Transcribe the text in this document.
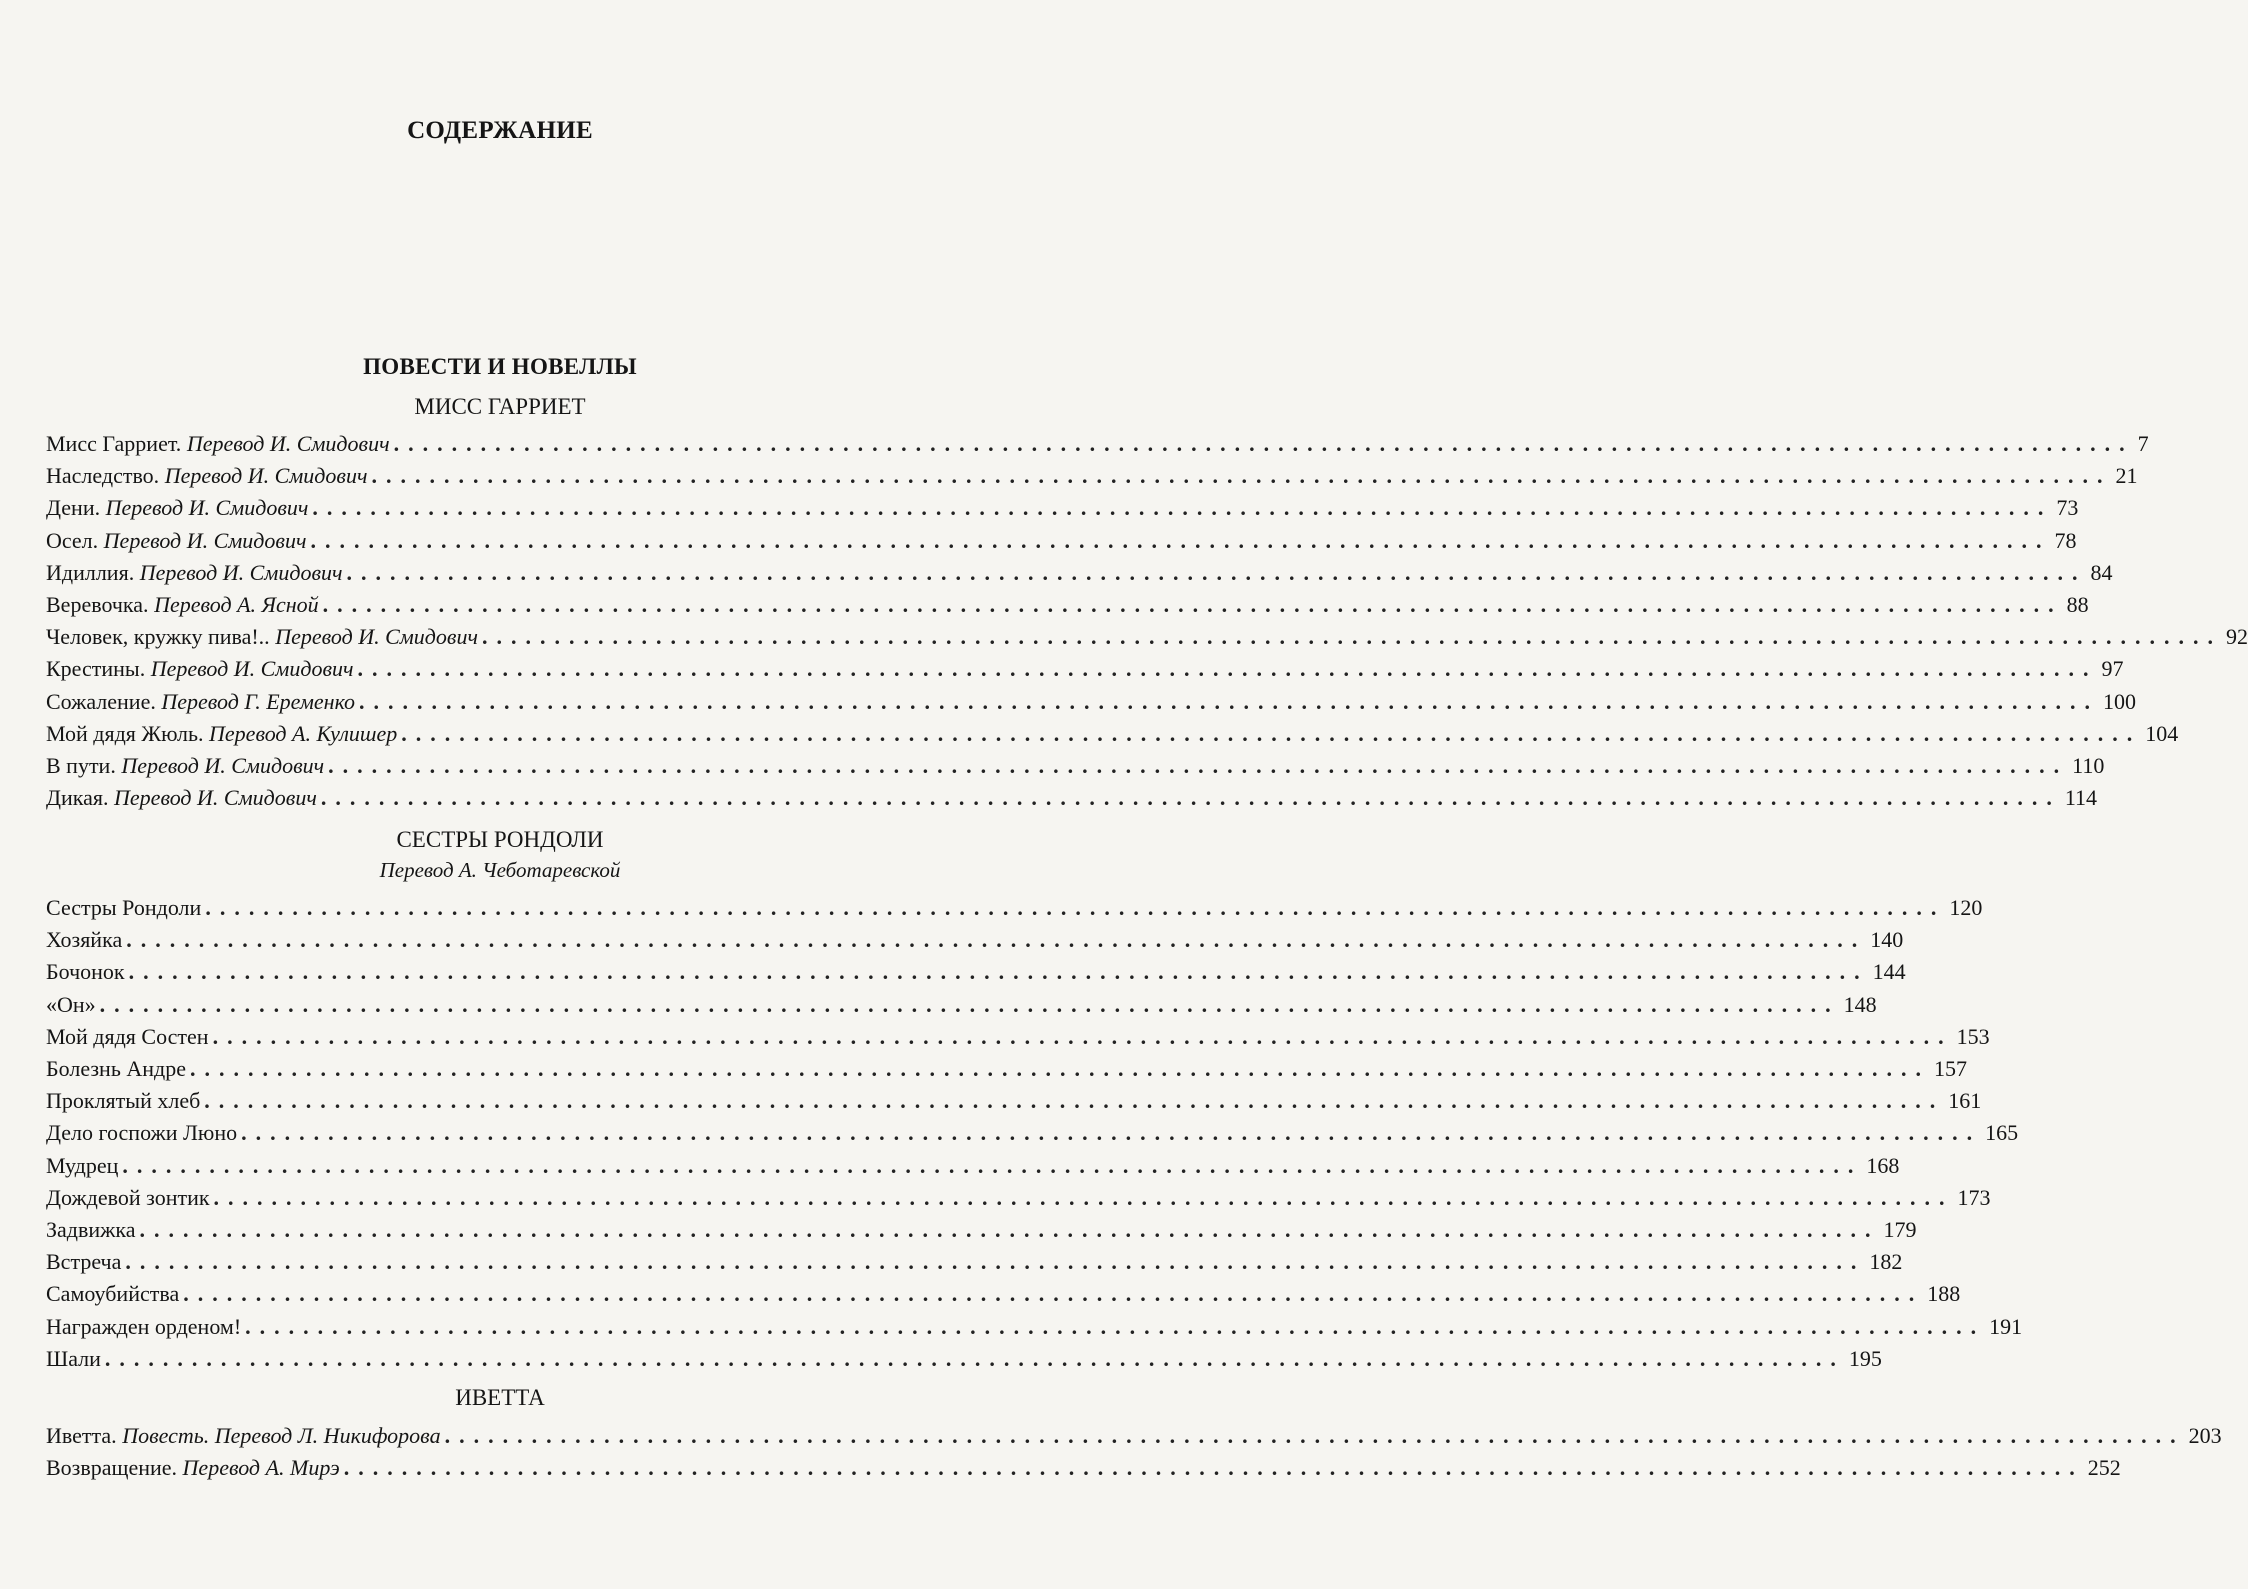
СОДЕРЖАНИЕ
ПОВЕСТИ И НОВЕЛЛЫ
МИСС ГАРРИЕТ
Мисс Гарриет. Перевод И. Смидович ........................................................................................................................ 7
Наследство. Перевод И. Смидович ........................................................................................................................ 21
Дени. Перевод И. Смидович ........................................................................................................................ 73
Осел. Перевод И. Смидович ........................................................................................................................ 78
Идиллия. Перевод И. Смидович ........................................................................................................................ 84
Веревочка. Перевод А. Ясной ........................................................................................................................ 88
Человек, кружку пива!.. Перевод И. Смидович ........................................................................................................................ 92
Крестины. Перевод И. Смидович ........................................................................................................................ 97
Сожаление. Перевод Г. Еременко ........................................................................................................................ 100
Мой дядя Жюль. Перевод А. Кулишер ........................................................................................................................ 104
В пути. Перевод И. Смидович ........................................................................................................................ 110
Дикая. Перевод И. Смидович ........................................................................................................................ 114
СЕСТРЫ РОНДОЛИ
Перевод А. Чеботаревской
Сестры Рондоли ........................................................................................................................ 120
Хозяйка ........................................................................................................................ 140
Бочонок ........................................................................................................................ 144
«Он» ........................................................................................................................ 148
Мой дядя Состен ........................................................................................................................ 153
Болезнь Андре ........................................................................................................................ 157
Проклятый хлеб ........................................................................................................................ 161
Дело госпожи Люно ........................................................................................................................ 165
Мудрец ........................................................................................................................ 168
Дождевой зонтик ........................................................................................................................ 173
Задвижка ........................................................................................................................ 179
Встреча ........................................................................................................................ 182
Самоубийства ........................................................................................................................ 188
Награжден орденом! ........................................................................................................................ 191
Шали ........................................................................................................................ 195
ИВЕТТА
Иветта. Повесть. Перевод Л. Никифорова ........................................................................................................................ 203
Возвращение. Перевод А. Мирэ ........................................................................................................................ 252
